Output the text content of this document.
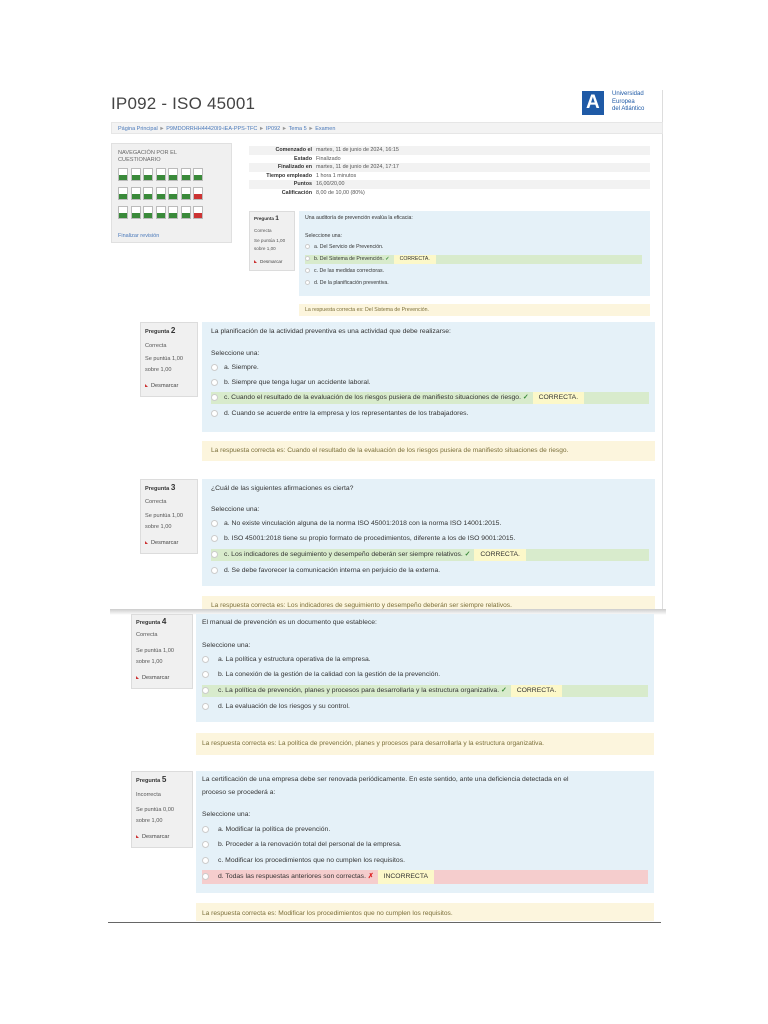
IP092 - ISO 45001
A	Universidad
Europea
del Atlántico
Página Principal ► P9MDORRHH44420I9-iEA-PPS-TFC ► IP092 ► Tema 5 ► Examen
NAVEGACIÓN POR EL CUESTIONARIO
Finalizar revisión
Comenzado el martes, 11 de junio de 2024, 16:15
Estado Finalizado
Finalizado en martes, 11 de junio de 2024, 17:17
Tiempo empleado 1 hora 1 minutos
Puntos 16,00/20,00
Calificación 8,00 de 10,00 (80%)
Pregunta 1
Correcta
Se puntúa 1,00
sobre 1,00
Desmarcar
Una auditoría de prevención evalúa la eficacia:
Seleccione una:
a. Del Servicio de Prevención.
b. Del Sistema de Prevención. ✓ CORRECTA.
c. De las medidas correctoras.
d. De la planificación preventiva.
La respuesta correcta es: Del Sistema de Prevención.
Pregunta 2
Correcta
Se puntúa 1,00
sobre 1,00
Desmarcar
La planificación de la actividad preventiva es una actividad que debe realizarse:
Seleccione una:
a. Siempre.
b. Siempre que tenga lugar un accidente laboral.
c. Cuando el resultado de la evaluación de los riesgos pusiera de manifiesto situaciones de riesgo. ✓ CORRECTA.
d. Cuando se acuerde entre la empresa y los representantes de los trabajadores.
La respuesta correcta es: Cuando el resultado de la evaluación de los riesgos pusiera de manifiesto situaciones de riesgo.
Pregunta 3
Correcta
Se puntúa 1,00
sobre 1,00
Desmarcar
¿Cuál de las siguientes afirmaciones es cierta?
Seleccione una:
a. No existe vinculación alguna de la norma ISO 45001:2018 con la norma ISO 14001:2015.
b. ISO 45001:2018 tiene su propio formato de procedimientos, diferente a los de ISO 9001:2015.
c. Los indicadores de seguimiento y desempeño deberán ser siempre relativos. ✓ CORRECTA.
d. Se debe favorecer la comunicación interna en perjuicio de la externa.
La respuesta correcta es: Los indicadores de seguimiento y desempeño deberán ser siempre relativos.
Pregunta 4
Correcta
Se puntúa 1,00
sobre 1,00
Desmarcar
El manual de prevención es un documento que establece:
Seleccione una:
a. La política y estructura operativa de la empresa.
b. La conexión de la gestión de la calidad con la gestión de la prevención.
c. La política de prevención, planes y procesos para desarrollarla y la estructura organizativa. ✓ CORRECTA.
d. La evaluación de los riesgos y su control.
La respuesta correcta es: La política de prevención, planes y procesos para desarrollarla y la estructura organizativa.
Pregunta 5
Incorrecta
Se puntúa 0,00
sobre 1,00
Desmarcar
La certificación de una empresa debe ser renovada periódicamente. En este sentido, ante una deficiencia detectada en el
proceso se procederá a:
Seleccione una:
a. Modificar la política de prevención.
b. Proceder a la renovación total del personal de la empresa.
c. Modificar los procedimientos que no cumplen los requisitos.
d. Todas las respuestas anteriores son correctas. ✗ INCORRECTA
La respuesta correcta es: Modificar los procedimientos que no cumplen los requisitos.
